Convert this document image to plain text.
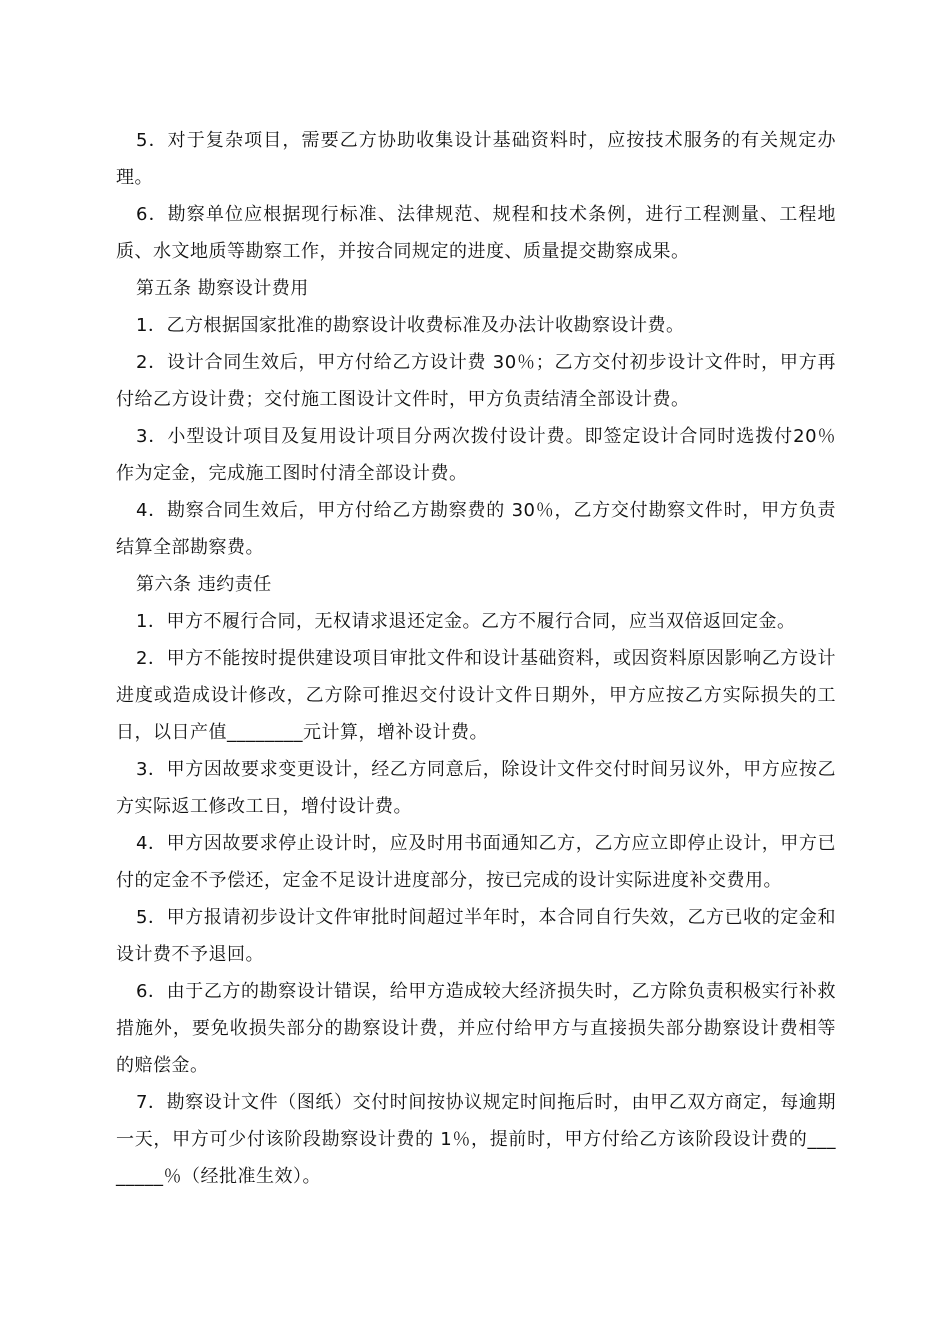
5．对于复杂项目，需要乙方协助收集设计基础资料时，应按技术服务的有关规定办理。

6．勘察单位应根据现行标准、法律规范、规程和技术条例，进行工程测量、工程地质、水文地质等勘察工作，并按合同规定的进度、质量提交勘察成果。

第五条 勘察设计费用

1．乙方根据国家批准的勘察设计收费标准及办法计收勘察设计费。

2．设计合同生效后，甲方付给乙方设计费 30％；乙方交付初步设计文件时，甲方再付给乙方设计费；交付施工图设计文件时，甲方负责结清全部设计费。

3．小型设计项目及复用设计项目分两次拨付设计费。即签定设计合同时选拨付20％作为定金，完成施工图时付清全部设计费。

4．勘察合同生效后，甲方付给乙方勘察费的 30％，乙方交付勘察文件时，甲方负责结算全部勘察费。

第六条 违约责任

1．甲方不履行合同，无权请求退还定金。乙方不履行合同，应当双倍返回定金。

2．甲方不能按时提供建设项目审批文件和设计基础资料，或因资料原因影响乙方设计进度或造成设计修改，乙方除可推迟交付设计文件日期外，甲方应按乙方实际损失的工日，以日产值________元计算，增补设计费。

3．甲方因故要求变更设计，经乙方同意后，除设计文件交付时间另议外，甲方应按乙方实际返工修改工日，增付设计费。

4．甲方因故要求停止设计时，应及时用书面通知乙方，乙方应立即停止设计，甲方已付的定金不予偿还，定金不足设计进度部分，按已完成的设计实际进度补交费用。

5．甲方报请初步设计文件审批时间超过半年时，本合同自行失效，乙方已收的定金和设计费不予退回。

6．由于乙方的勘察设计错误，给甲方造成较大经济损失时，乙方除负责积极实行补救措施外，要免收损失部分的勘察设计费，并应付给甲方与直接损失部分勘察设计费相等的赔偿金。

7．勘察设计文件（图纸）交付时间按协议规定时间拖后时，由甲乙双方商定，每逾期一天，甲方可少付该阶段勘察设计费的 1％，提前时，甲方付给乙方该阶段设计费的________％（经批准生效）。
